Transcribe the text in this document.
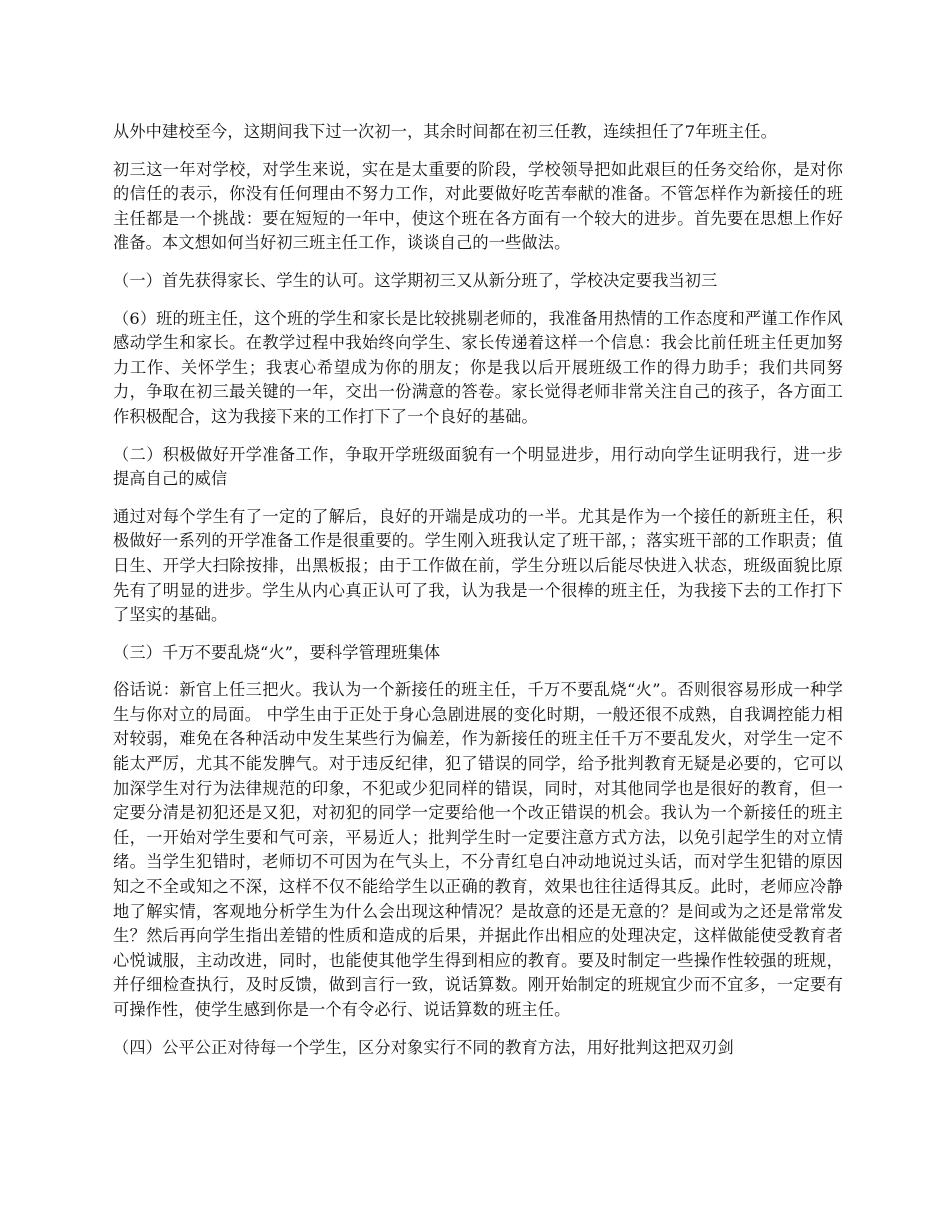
从外中建校至今，这期间我下过一次初一，其余时间都在初三任教，连续担任了7年班主任。

初三这一年对学校，对学生来说，实在是太重要的阶段，学校领导把如此艰巨的任务交给你，是对你的信任的表示，你没有任何理由不努力工作，对此要做好吃苦奉献的准备。不管怎样作为新接任的班主任都是一个挑战：要在短短的一年中，使这个班在各方面有一个较大的进步。首先要在思想上作好准备。本文想如何当好初三班主任工作，谈谈自己的一些做法。

（一）首先获得家长、学生的认可。这学期初三又从新分班了，学校决定要我当初三

（6）班的班主任，这个班的学生和家长是比较挑剔老师的，我准备用热情的工作态度和严谨工作作风感动学生和家长。在教学过程中我始终向学生、家长传递着这样一个信息：我会比前任班主任更加努力工作、关怀学生；我衷心希望成为你的朋友；你是我以后开展班级工作的得力助手；我们共同努力，争取在初三最关键的一年，交出一份满意的答卷。家长觉得老师非常关注自己的孩子，各方面工作积极配合，这为我接下来的工作打下了一个良好的基础。

（二）积极做好开学准备工作，争取开学班级面貌有一个明显进步，用行动向学生证明我行，进一步提高自己的威信

通过对每个学生有了一定的了解后，良好的开端是成功的一半。尤其是作为一个接任的新班主任，积极做好一系列的开学准备工作是很重要的。学生刚入班我认定了班干部，；落实班干部的工作职责；值日生、开学大扫除按排，出黑板报；由于工作做在前，学生分班以后能尽快进入状态，班级面貌比原先有了明显的进步。学生从内心真正认可了我，认为我是一个很棒的班主任，为我接下去的工作打下了坚实的基础。

（三）千万不要乱烧“火”，要科学管理班集体

俗话说：新官上任三把火。我认为一个新接任的班主任，千万不要乱烧“火”。否则很容易形成一种学生与你对立的局面。 中学生由于正处于身心急剧进展的变化时期，一般还很不成熟，自我调控能力相对较弱，难免在各种活动中发生某些行为偏差，作为新接任的班主任千万不要乱发火，对学生一定不能太严厉，尤其不能发脾气。对于违反纪律，犯了错误的同学，给予批判教育无疑是必要的，它可以加深学生对行为法律规范的印象，不犯或少犯同样的错误，同时，对其他同学也是很好的教育，但一定要分清是初犯还是又犯，对初犯的同学一定要给他一个改正错误的机会。我认为一个新接任的班主任，一开始对学生要和气可亲，平易近人；批判学生时一定要注意方式方法，以免引起学生的对立情绪。当学生犯错时，老师切不可因为在气头上，不分青红皂白冲动地说过头话，而对学生犯错的原因知之不全或知之不深，这样不仅不能给学生以正确的教育，效果也往往适得其反。此时，老师应冷静地了解实情，客观地分析学生为什么会出现这种情况？是故意的还是无意的？是间或为之还是常常发生？然后再向学生指出差错的性质和造成的后果，并据此作出相应的处理决定，这样做能使受教育者心悦诚服，主动改进，同时，也能使其他学生得到相应的教育。要及时制定一些操作性较强的班规，并仔细检查执行，及时反馈，做到言行一致，说话算数。刚开始制定的班规宜少而不宜多，一定要有可操作性，使学生感到你是一个有令必行、说话算数的班主任。

（四）公平公正对待每一个学生，区分对象实行不同的教育方法，用好批判这把双刃剑
